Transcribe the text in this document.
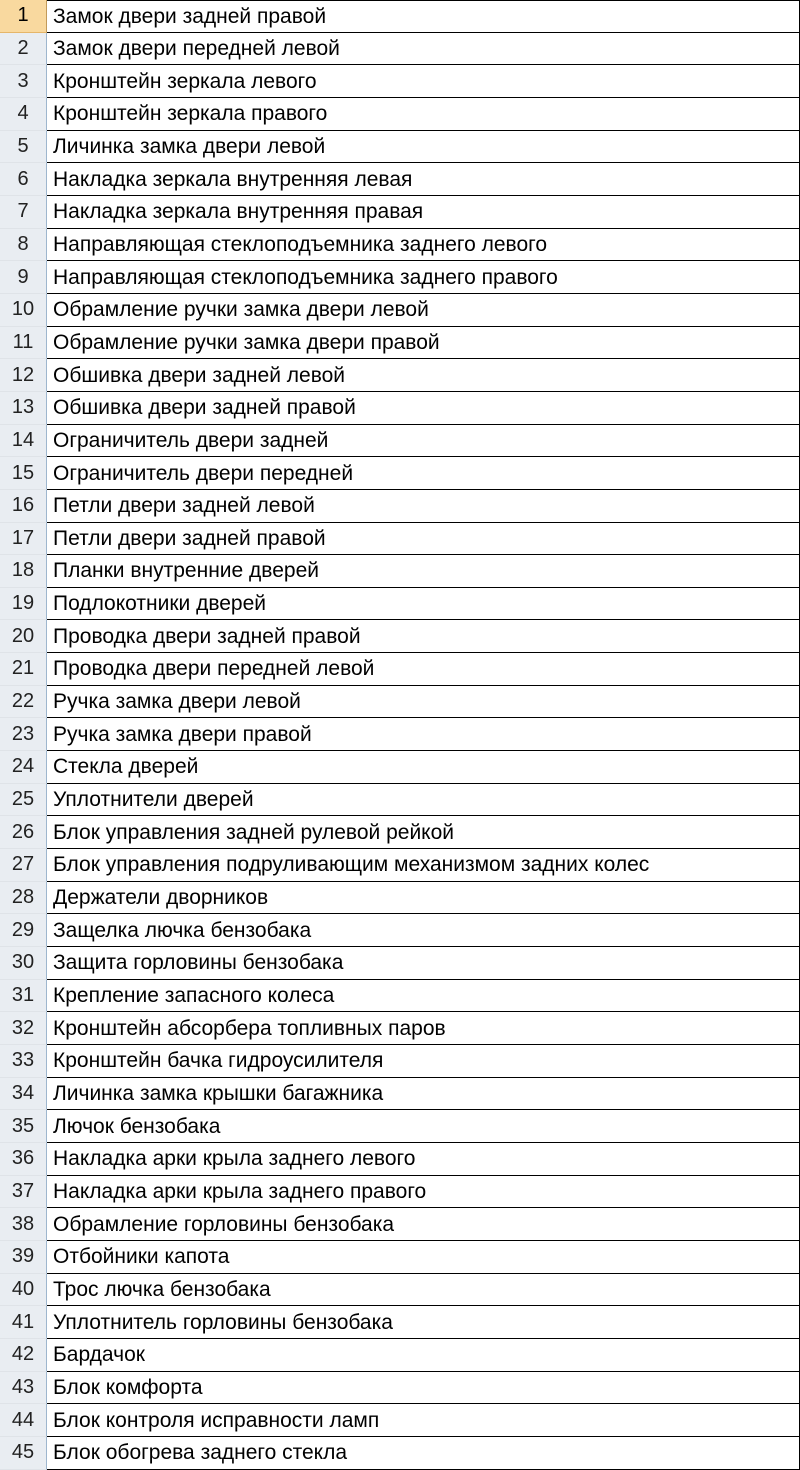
1	Замок двери задней правой
2	Замок двери передней левой
3	Кронштейн зеркала левого
4	Кронштейн зеркала правого
5	Личинка замка двери левой
6	Накладка зеркала внутренняя левая
7	Накладка зеркала внутренняя правая
8	Направляющая стеклоподъемника заднего левого
9	Направляющая стеклоподъемника заднего правого
10 Обрамление ручки замка двери левой
11 Обрамление ручки замка двери правой
12 Обшивка двери задней левой
13 Обшивка двери задней правой
14 Ограничитель двери задней
15 Ограничитель двери передней
16 Петли двери задней левой
17 Петли двери задней правой
18 Планки внутренние дверей
19 Подлокотники дверей
20 Проводка двери задней правой
21 Проводка двери передней левой
22 Ручка замка двери левой
23 Ручка замка двери правой
24 Стекла дверей
25 Уплотнители дверей
26 Блок управления задней рулевой рейкой
27 Блок управления подруливающим механизмом задних колес
28 Держатели дворников
29 Защелка лючка бензобака
30 Защита горловины бензобака
31 Крепление запасного колеса
32 Кронштейн абсорбера топливных паров
33 Кронштейн бачка гидроусилителя
34 Личинка замка крышки багажника
35 Лючок бензобака
36 Накладка арки крыла заднего левого
37 Накладка арки крыла заднего правого
38 Обрамление горловины бензобака
39 Отбойники капота
40 Трос лючка бензобака
41 Уплотнитель горловины бензобака
42 Бардачок
43 Блок комфорта
44 Блок контроля исправности ламп
45 Блок обогрева заднего стекла
